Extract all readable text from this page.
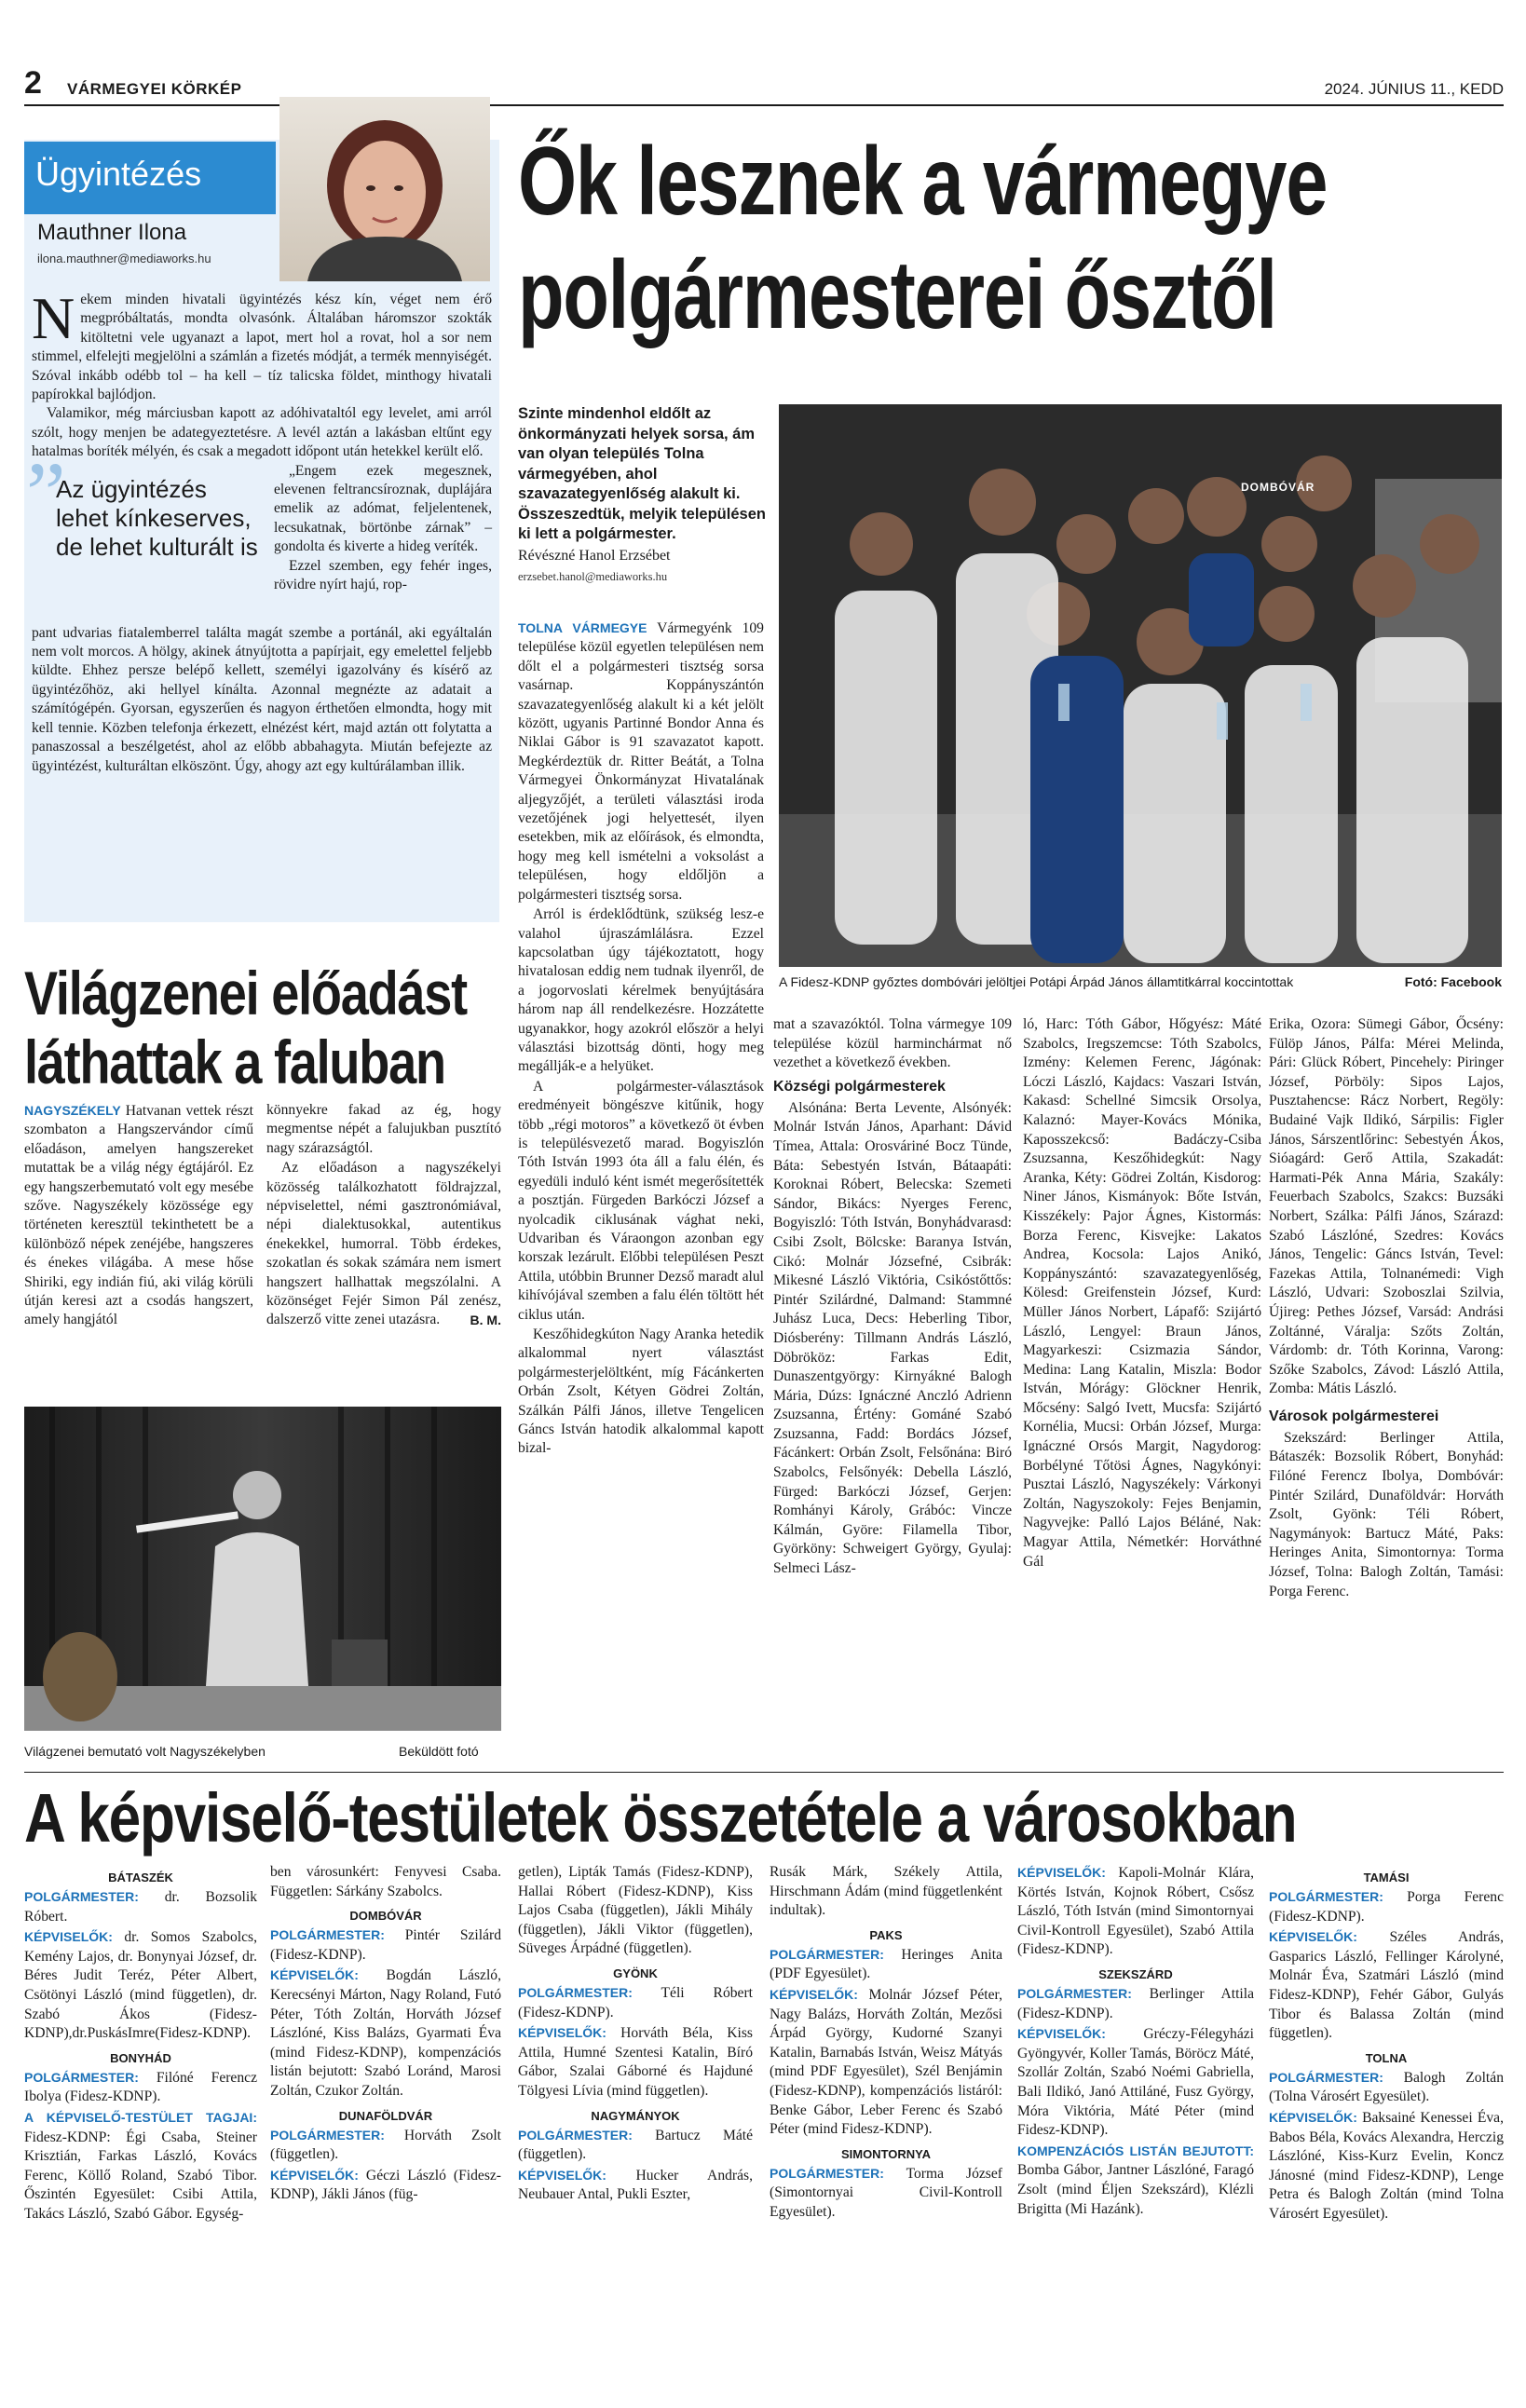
2 VÁRMEGYEI KÖRKÉP	2024. JÚNIUS 11., KEDD
Ügyintézés
Mauthner Ilona
ilona.mauthner@mediaworks.hu
N ekem minden hivatali ügyintézés kész kín, véget nem érő megpróbáltatás, mondta olvasónk. Általában háromszor szokták kitöltetni vele ugyanazt a lapot, mert hol a rovat, hol a sor nem stimmel, elfelejti megjelölni a számlán a fizetés módját, a termék mennyiségét. Szóval inkább odébb tol – ha kell – tíz talicska földet, minthogy hivatali papírokkal bajlódjon.

Valamikor, még márciusban kapott az adóhivataltól egy levelet, ami arról szólt, hogy menjen be adategyeztetésre. A levél aztán a lakásban eltűnt egy hatalmas boríték mélyén, és csak a megadott időpont után hetekkel került elő.

”
Az ügyintézés lehet kínkeserves, de lehet kulturált is

„Engem ezek megesznek, elevenen feltrancsíroznak, duplájára emelik az adómat, feljelentenek, lecsukatnak, börtönbe zárnak” – gondolta és kiverte a hideg veríték.

Ezzel szemben, egy fehér inges, rövidre nyírt hajú, rop-

pant udvarias fiatalemberrel találta magát szembe a portánál, aki egyáltalán nem volt morcos. A hölgy, akinek átnyújtotta a papírjait, egy emelettel feljebb küldte. Ehhez persze belépő kellett, személyi igazolvány és kísérő az ügyintézőhöz, aki hellyel kínálta. Azonnal megnézte az adatait a számítógépén. Gyorsan, egyszerűen és nagyon érthetően elmondta, hogy mit kell tennie. Közben telefonja érkezett, elnézést kért, majd aztán ott folytatta a panaszossal a beszélgetést, ahol az előbb abbahagyta. Miután befejezte az ügyintézést, kulturáltan elköszönt. Úgy, ahogy azt egy kultúrálamban illik.

Ők lesznek a vármegye
polgármesterei ősztől
Szinte mindenhol eldőlt az önkormányzati helyek sorsa, ám van olyan település Tolna vármegyében, ahol szavazategyenlőség alakult ki. Összeszedtük, melyik településen ki lett a polgármester.
Révészné Hanol Erzsébet
erzsebet.hanol@mediaworks.hu
DOMBÓVÁR
A Fidesz-KDNP győztes dombóvári jelöltjei Potápi Árpád János államtitkárral koccintottak	Fotó: Facebook

TOLNA VÁRMEGYE Vármegyénk 109 települése közül egyetlen településen nem dőlt el a polgármesteri tisztség sorsa vasárnap. Koppányszántón szavazategyenlőség alakult ki a két jelölt között, ugyanis Partinné Bondor Anna és Niklai Gábor is 91 szavazatot kapott. Megkérdeztük dr. Ritter Beátát, a Tolna Vármegyei Önkormányzat Hivatalának aljegyzőjét, a területi választási iroda vezetőjének jogi helyettesét, ilyen esetekben, mik az előírások, és elmondta, hogy meg kell ismételni a voksolást a településen, hogy eldőljön a polgármesteri tisztség sorsa.

Arról is érdeklődtünk, szükség lesz-e valahol újraszámlálásra. Ezzel kapcsolatban úgy tájékoztatott, hogy hivatalosan eddig nem tudnak ilyenről, de a jogorvoslati kérelmek benyújtására három nap áll rendelkezésre. Hozzátette ugyanakkor, hogy azokról először a helyi választási bizottság dönti, hogy meg megállják-e a helyüket.

A polgármester-választások eredményeit böngészve kitűnik, hogy több „régi motoros” a következő öt évben is településvezető marad. Bogyiszlón Tóth István 1993 óta áll a falu élén, és egyedüli induló ként ismét megerősítették a posztján. Fürgeden Barkóczi József a nyolcadik ciklusának vághat neki, Udvariban és Váraongon azonban egy korszak lezárult. Előbbi településen Peszt Attila, utóbbin Brunner Dezső maradt alul kihívójával szemben a falu élén töltött hét ciklus után.

Keszőhidegkúton Nagy Aranka hetedik alkalommal nyert választást polgármesterjelöltként, míg Fácánkerten Orbán Zsolt, Kétyen Gödrei Zoltán, Szálkán Pálfi János, illetve Tengelicen Gáncs István hatodik alkalommal kapott bizal-

mat a szavazóktól. Tolna vármegye 109 települése közül harminchármat nő vezethet a következő években.

Községi polgármesterek

Alsónána: Berta Levente, Alsónyék: Molnár István János, Aparhant: Dávid Tímea, Attala: Orosváriné Bocz Tünde, Báta: Sebestyén István, Bátaapáti: Koroknai Róbert, Belecska: Szemeti Sándor, Bikács: Nyerges Ferenc, Bogyiszló: Tóth István, Bonyhádvarasd: Csibi Zsolt, Bölcske: Baranya István, Cikó: Molnár Józsefné, Csibrák: Mikesné László Viktória, Csikóstőttős: Pintér Szilárdné, Dalmand: Stammné Juhász Luca, Decs: Heberling Tibor, Diósberény: Tillmann András László, Döbrököz: Farkas Edit, Dunaszentgyörgy: Kirnyákné Balogh Mária, Dúzs: Ignáczné Anczló Adrienn Zsuzsanna, Értény: Gománé Szabó Zsuzsanna, Fadd: Bordács József, Fácánkert: Orbán Zsolt, Felsőnána: Biró Szabolcs, Felsőnyék: Debella László, Fürged: Barkóczi József, Gerjen: Romhányi Károly, Grábóc: Vincze Kálmán, Györe: Filamella Tibor, Györköny: Schweigert György, Gyulaj: Selmeci Lász-

ló, Harc: Tóth Gábor, Hőgyész: Máté Szabolcs, Iregszemcse: Tóth Szabolcs, Izmény: Kelemen Ferenc, Jágónak: Lóczi László, Kajdacs: Vaszari István, Kakasd: Schellné Simcsik Orsolya, Kalaznó: Mayer-Kovács Mónika, Kaposszekcső: Badáczy-Csiba Zsuzsanna, Keszőhidegkút: Nagy Aranka, Kéty: Gödrei Zoltán, Kisdorog: Niner János, Kismányok: Bőte István, Kisszékely: Pajor Ágnes, Kistormás: Borza Ferenc, Kisvejke: Lakatos Andrea, Kocsola: Lajos Anikó, Koppányszántó: szavazategyenlőség, Kölesd: Greifenstein József, Kurd: Müller János Norbert, Lápafő: Szijártó László, Lengyel: Braun János, Magyarkeszi: Csizmazia Sándor, Medina: Lang Katalin, Miszla: Bodor István, Mórágy: Glöckner Henrik, Mőcsény: Salgó Ivett, Mucsfa: Szijártó Kornélia, Mucsi: Orbán József, Murga: Ignáczné Orsós Margit, Nagydorog: Borbélyné Tőtösi Ágnes, Nagykónyi: Pusztai László, Nagyszékely: Várkonyi Zoltán, Nagyszokoly: Fejes Benjamin, Nagyvejke: Palló Lajos Béláné, Nak: Magyar Attila, Németkér: Horváthné Gál

Erika, Ozora: Sümegi Gábor, Őcsény: Fülöp János, Pálfa: Mérei Melinda, Pári: Glück Róbert, Pincehely: Piringer József, Pörböly: Sipos Lajos, Pusztahencse: Rácz Norbert, Regöly: Budainé Vajk Ildikó, Sárpilis: Figler János, Sárszentlőrinc: Sebestyén Ákos, Sióagárd: Gerő Attila, Szakadát: Harmati-Pék Anna Mária, Szakály: Feuerbach Szabolcs, Szakcs: Buzsáki Norbert, Szálka: Pálfi János, Szárazd: Szabó Lászlóné, Szedres: Kovács János, Tengelic: Gáncs István, Tevel: Fazekas Attila, Tolnanémedi: Vigh László, Udvari: Szoboszlai Szilvia, Újireg: Pethes József, Varsád: Andrási Zoltánné, Váralja: Szőts Zoltán, Várdomb: dr. Tóth Korinna, Varong: Szőke Szabolcs, Závod: László Attila, Zomba: Mátis László.

Városok polgármesterei

Szekszárd: Berlinger Attila, Bátaszék: Bozsolik Róbert, Bonyhád: Filóné Ferencz Ibolya, Dombóvár: Pintér Szilárd, Dunaföldvár: Horváth Zsolt, Gyönk: Téli Róbert, Nagymányok: Bartucz Máté, Paks: Heringes Anita, Simontornya: Torma József, Tolna: Balogh Zoltán, Tamási: Porga Ferenc.

Világzenei előadást
láthattak a faluban

NAGYSZÉKELY Hatvanan vettek részt szombaton a Hangszervándor című előadáson, amelyen hangszereket mutattak be a világ négy égtájáról. Ez egy hangszerbemutató volt egy mesébe szőve. Nagyszékely közössége egy történeten keresztül tekinthetett be a különböző népek zenéjébe, hangszeres és énekes világába. A mese hőse Shiriki, egy indián fiú, aki világ körüli útján keresi azt a csodás hangszert, amely hangjától

könnyekre fakad az ég, hogy megmentse népét a falujukban pusztító nagy szárazságtól.

Az előadáson a nagyszékelyi közösség találkozhatott földrajzzal, népviselettel, némi gasztronómiával, népi dialektusokkal, autentikus énekekkel, humorral. Több érdekes, szokatlan és sokak számára nem ismert hangszert hallhattak megszólalni. A közönséget Fejér Simon Pál zenész, dalszerző vitte zenei utazásra.	B. M.
Világzenei bemutató volt Nagyszékelyben	Beküldött fotó
A képviselő-testületek összetétele a városokban
BÁTASZÉK

POLGÁRMESTER: dr. Bozsolik Róbert.

KÉPVISELŐK: dr. Somos Szabolcs, Kemény Lajos, dr. Bonynyai József, dr. Béres Judit Teréz, Péter Albert, Csötönyi László (mind független), dr. Szabó Ákos (Fidesz-KDNP),dr.PuskásImre(Fidesz-KDNP).

BONYHÁD

POLGÁRMESTER: Filóné Ferencz Ibolya (Fidesz-KDNP).

A KÉPVISELŐ-TESTÜLET TAGJAI: Fidesz-KDNP: Égi Csaba, Steiner Krisztián, Farkas László, Kovács Ferenc, Köllő Roland, Szabó Tibor. Őszintén Egyesület: Csibi Attila, Takács László, Szabó Gábor. Egység-

ben városunkért: Fenyvesi Csaba. Független: Sárkány Szabolcs.

DOMBÓVÁR

POLGÁRMESTER: Pintér Szilárd (Fidesz-KDNP).

KÉPVISELŐK: Bogdán László, Kerecsényi Márton, Nagy Roland, Futó Péter, Tóth Zoltán, Horváth József Lászlóné, Kiss Balázs, Gyarmati Éva (mind Fidesz-KDNP), kompenzációs listán bejutott: Szabó Loránd, Marosi Zoltán, Czukor Zoltán.

DUNAFÖLDVÁR

POLGÁRMESTER: Horváth Zsolt (független).

KÉPVISELŐK: Géczi László (Fidesz-KDNP), Jákli János (füg-

getlen), Lipták Tamás (Fidesz-KDNP), Hallai Róbert (Fidesz-KDNP), Kiss Lajos Csaba (független), Jákli Mihály (független), Jákli Viktor (független), Süveges Árpádné (független).

GYÖNK

POLGÁRMESTER: Téli Róbert (Fidesz-KDNP).

KÉPVISELŐK: Horváth Béla, Kiss Attila, Humné Szentesi Katalin, Bíró Gábor, Szalai Gáborné és Hajduné Tölgyesi Lívia (mind független).

NAGYMÁNYOK

POLGÁRMESTER: Bartucz Máté (független).

KÉPVISELŐK: Hucker András, Neubauer Antal, Pukli Eszter,

Rusák Márk, Székely Attila, Hirschmann Ádám (mind függetlenként indultak).

PAKS

POLGÁRMESTER: Heringes Anita (PDF Egyesület).

KÉPVISELŐK: Molnár József Péter, Nagy Balázs, Horváth Zoltán, Mezősi Árpád György, Kudorné Szanyi Katalin, Barnabás István, Weisz Mátyás (mind PDF Egyesület), Szél Benjámin (Fidesz-KDNP), kompenzációs listáról: Benke Gábor, Leber Ferenc és Szabó Péter (mind Fidesz-KDNP).

SIMONTORNYA

POLGÁRMESTER: Torma József (Simontornyai Civil-Kontroll Egyesület).

KÉPVISELŐK: Kapoli-Molnár Klára, Körtés István, Kojnok Róbert, Csősz László, Tóth István (mind Simontornyai Civil-Kontroll Egyesület), Szabó Attila (Fidesz-KDNP).

SZEKSZÁRD

POLGÁRMESTER: Berlinger Attila (Fidesz-KDNP).

KÉPVISELŐK: Gréczy-Félegyházi Gyöngyvér, Koller Tamás, Böröcz Máté, Szollár Zoltán, Szabó Noémi Gabriella, Bali Ildikó, Janó Attiláné, Fusz György, Móra Viktória, Máté Péter (mind Fidesz-KDNP).

KOMPENZÁCIÓS LISTÁN BEJUTOTT: Bomba Gábor, Jantner Lászlóné, Faragó Zsolt (mind Éljen Szekszárd), Klézli Brigitta (Mi Hazánk).

TAMÁSI

POLGÁRMESTER: Porga Ferenc (Fidesz-KDNP).

KÉPVISELŐK: Széles András, Gasparics László, Fellinger Károlyné, Molnár Éva, Szatmári László (mind Fidesz-KDNP), Fehér Gábor, Gulyás Tibor és Balassa Zoltán (mind független).

TOLNA

POLGÁRMESTER: Balogh Zoltán (Tolna Városért Egyesület).

KÉPVISELŐK: Baksainé Kenessei Éva, Babos Béla, Kovács Alexandra, Herczig Lászlóné, Kiss-Kurz Evelin, Koncz Jánosné (mind Fidesz-KDNP), Lenge Petra és Balogh Zoltán (mind Tolna Városért Egyesület).
